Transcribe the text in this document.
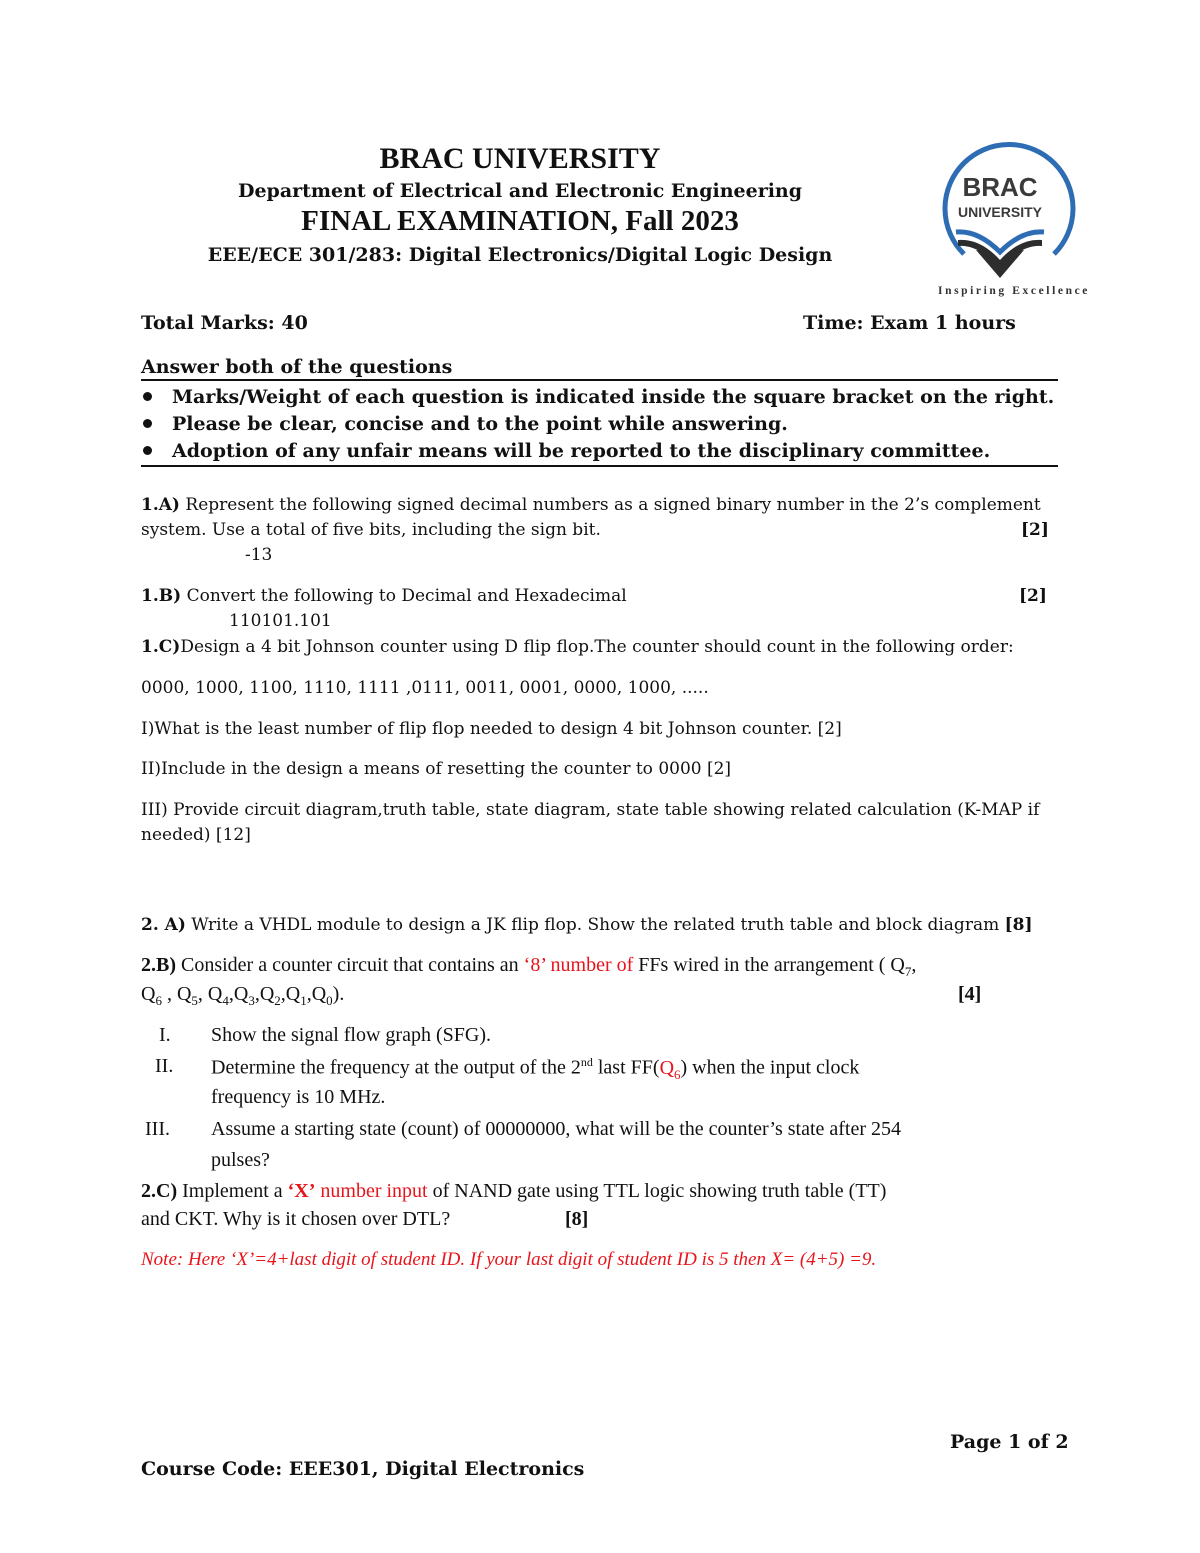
BRAC UNIVERSITY
Department of Electrical and Electronic Engineering
FINAL EXAMINATION, Fall 2023
EEE/ECE 301/283: Digital Electronics/Digital Logic Design
BRAC
UNIVERSITY
Inspiring Excellence
Total Marks: 40	Time: Exam 1 hours
Answer both of the questions
Marks/Weight of each question is indicated inside the square bracket on the right.
Please be clear, concise and to the point while answering.
Adoption of any unfair means will be reported to the disciplinary committee.
1.A) Represent the following signed decimal numbers as a signed binary number in the 2’s complement
system. Use a total of five bits, including the sign bit.	[2]
-13
1.B) Convert the following to Decimal and Hexadecimal	[2]
110101.101
1.C)Design a 4 bit Johnson counter using D flip flop.The counter should count in the following order:
0000, 1000, 1100, 1110, 1111 ,0111, 0011, 0001, 0000, 1000, .....
I)What is the least number of flip flop needed to design 4 bit Johnson counter. [2]
II)Include in the design a means of resetting the counter to 0000 [2]
III) Provide circuit diagram,truth table, state diagram, state table showing related calculation (K-MAP if
needed) [12]
2. A) Write a VHDL module to design a JK flip flop. Show the related truth table and block diagram [8]
2.B) Consider a counter circuit that contains an ‘8’ number of FFs wired in the arrangement ( $Q_7$,
$Q_6$ , $Q_5$, $Q_4,Q_3,Q_2,Q_1,Q_0$).	[4]
I. Show the signal flow graph (SFG).
II. Determine the frequency at the output of the 2nd last $FF(Q_6)$ when the input clock
frequency is 10 MHz.
III. Assume a starting state (count) of 00000000, what will be the counter’s state after 254
pulses?
2.C) Implement a ‘X’ number input of NAND gate using TTL logic showing truth table (TT)
and CKT. Why is it chosen over DTL?	[8]
Note: Here ‘X’=4+last digit of student ID. If your last digit of student ID is 5 then X= (4+5) =9.
Page 1 of 2
Course Code: EEE301, Digital Electronics
